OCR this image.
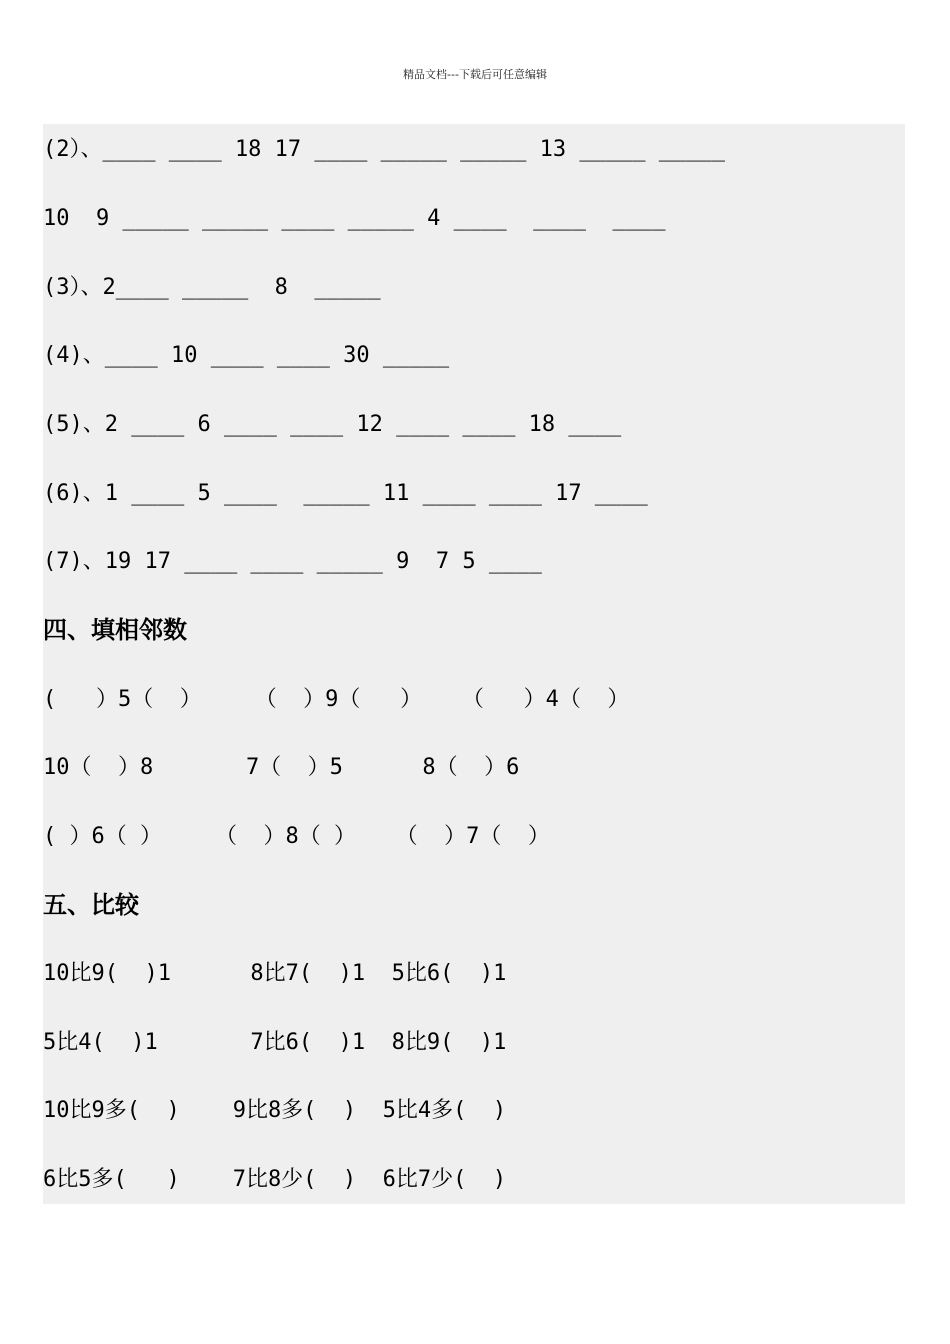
精品文档---下载后可任意编辑
(2）、____ ____ 18 17 ____ _____ _____ 13 _____ _____
10  9 _____ _____ ____ _____ 4 ____  ____  ____
(3）、2____ _____  8  _____
(4)、____ 10 ____ ____ 30 _____
(5)、2 ____ 6 ____ ____ 12 ____ ____ 18 ____
(6)、1 ____ 5 ____  _____ 11 ____ ____ 17 ____
(7)、19 17 ____ ____ _____ 9  7 5 ____
四、填相邻数
(   ）5（  ）    （  ）9（   ）   （   ）4（  ）
10（  ）8       7（  ）5      8（  ）6
( ）6（ ）    （  ）8（ ）   （  ）7（  ）
五、比较
10比9(  )1      8比7(  )1  5比6(  )1
5比4(  )1       7比6(  )1  8比9(  )1
10比9多(  )    9比8多(  )  5比4多(  )
6比5多(   )    7比8少(  )  6比7少(  )
